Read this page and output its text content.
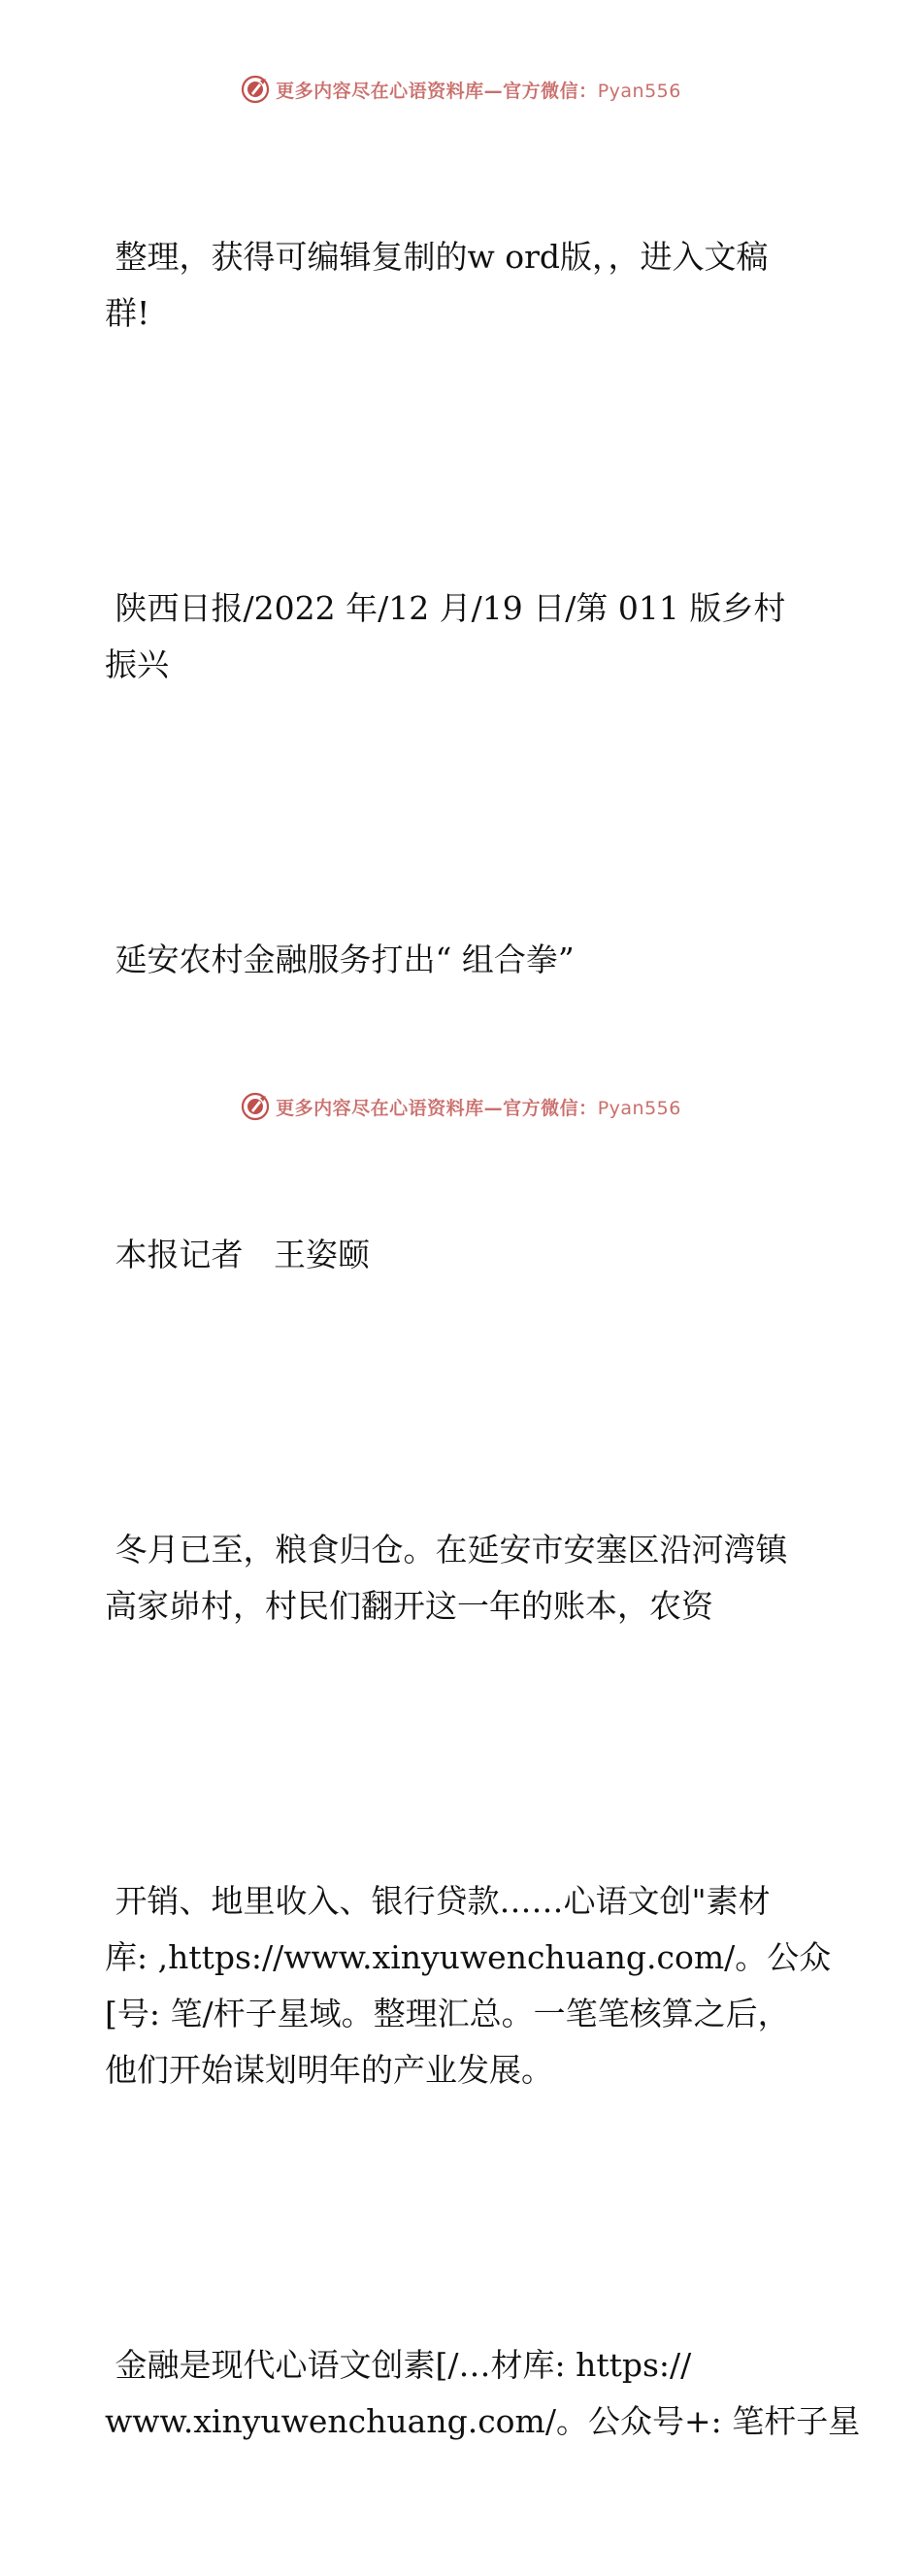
更多内容尽在心语资料库—官方微信：Pyan556

整理，获得可编辑复制的w ord版，，进入文稿
群!

陕西日报/2022 年/12 月/19 日/第 011 版乡村
振兴

延安农村金融服务打出“ 组合拳”

本报记者   王姿颐

冬月已至，粮食归仓。在延安市安塞区沿河湾镇
高家峁村，村民们翻开这一年的账本，农资

开销、地里收入、银行贷款……心语文创"素材
库: ,https://www.xinyuwenchuang.com/。公众
[号: 笔/杆子星域。整理汇总。一笔笔核算之后，
他们开始谋划明年的产业发展。

金融是现代心语文创素[/…材库: https://
www.xinyuwenchuang.com/。公众号+: 笔杆子星

更多内容尽在心语资料库—官方微信：Pyan556
